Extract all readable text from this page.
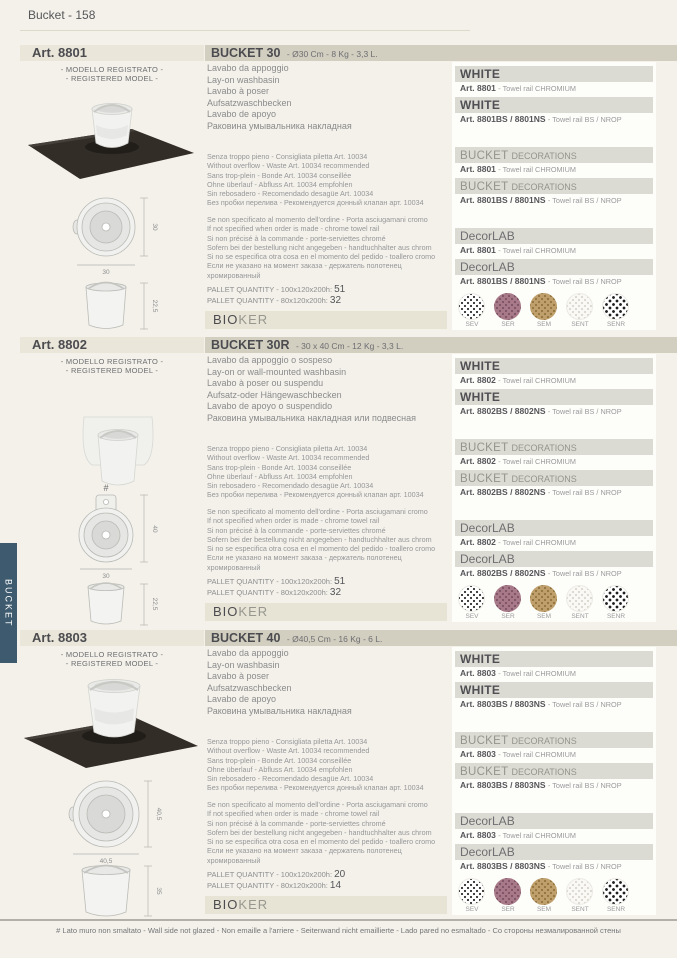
Bucket - 158
BUCKET
Art. 8801	BUCKET 30 - Ø30 Cm - 8 Kg - 3,3 L.
- MODELLO REGISTRATO -
- REGISTERED MODEL -
30
30
22,5
Lavabo da appoggio
Lay-on washbasin
Lavabo à poser
Aufsatzwaschbecken
Lavabo de apoyo
Раковина умывальника накладная
Senza troppo pieno - Consigliata piletta Art. 10034
Without overflow - Waste Art. 10034 recommended
Sans trop-plein - Bonde Art. 10034 conseillée
Ohne überlauf - Abfluss Art. 10034 empfohlen
Sin rebosadero - Recomendado desagüe Art. 10034
Без пробки перелива - Рекомендуется донный клапан арт. 10034
Se non specificato al momento dell'ordine - Porta asciugamani cromo
If not specified when order is made - chrome towel rail
Si non précisé à la commande - porte-serviettes chromé
Sofern bei der bestellung nicht angegeben - handtuchhalter aus chrom
Si no se especifica otra cosa en el momento del pedido - toallero cromo
Если не указано на момент заказа - держатель полотенец хромированный
PALLET QUANTITY - 100x120x200h: 51
PALLET QUANTITY - 80x120x200h: 32
BIOKER
WHITE
Art. 8801 - Towel rail CHROMIUM
WHITE
Art. 8801BS / 8801NS - Towel rail BS / NROP
BUCKET DECORATIONS
Art. 8801 - Towel rail CHROMIUM
BUCKET DECORATIONS
Art. 8801BS / 8801NS - Towel rail BS / NROP
DecorLAB
Art. 8801 - Towel rail CHROMIUM
DecorLAB
Art. 8801BS / 8801NS - Towel rail BS / NROP
SEV	SER	SEM	SENT	SENR
Art. 8802	BUCKET 30R - 30 x 40 Cm - 12 Kg - 3,3 L.
- MODELLO REGISTRATO -
- REGISTERED MODEL -
#
40
30
22,5
Lavabo da appoggio o sospeso
Lay-on or wall-mounted washbasin
Lavabo à poser ou suspendu
Aufsatz-oder Hängewaschbecken
Lavabo de apoyo o suspendido
Раковина умывальника накладная или подвесная
Senza troppo pieno - Consigliata piletta Art. 10034
Without overflow - Waste Art. 10034 recommended
Sans trop-plein - Bonde Art. 10034 conseillée
Ohne überlauf - Abfluss Art. 10034 empfohlen
Sin rebosadero - Recomendado desagüe Art. 10034
Без пробки перелива - Рекомендуется донный клапан арт. 10034
Se non specificato al momento dell'ordine - Porta asciugamani cromo
If not specified when order is made - chrome towel rail
Si non précisé à la commande - porte-serviettes chromé
Sofern bei der bestellung nicht angegeben - handtuchhalter aus chrom
Si no se especifica otra cosa en el momento del pedido - toallero cromo
Если не указано на момент заказа - держатель полотенец хромированный
PALLET QUANTITY - 100x120x200h: 51
PALLET QUANTITY - 80x120x200h: 32
BIOKER
WHITE
Art. 8802 - Towel rail CHROMIUM
WHITE
Art. 8802BS / 8802NS - Towel rail BS / NROP
BUCKET DECORATIONS
Art. 8802 - Towel rail CHROMIUM
BUCKET DECORATIONS
Art. 8802BS / 8802NS - Towel rail BS / NROP
DecorLAB
Art. 8802 - Towel rail CHROMIUM
DecorLAB
Art. 8802BS / 8802NS - Towel rail BS / NROP
SEV	SER	SEM	SENT	SENR
Art. 8803	BUCKET 40 - Ø40,5 Cm - 16 Kg - 6 L.
- MODELLO REGISTRATO -
- REGISTERED MODEL -
40,5
40,5
35
Lavabo da appoggio
Lay-on washbasin
Lavabo à poser
Aufsatzwaschbecken
Lavabo de apoyo
Раковина умывальника накладная
Senza troppo pieno - Consigliata piletta Art. 10034
Without overflow - Waste Art. 10034 recommended
Sans trop-plein - Bonde Art. 10034 conseillée
Ohne überlauf - Abfluss Art. 10034 empfohlen
Sin rebosadero - Recomendado desagüe Art. 10034
Без пробки перелива - Рекомендуется донный клапан арт. 10034
Se non specificato al momento dell'ordine - Porta asciugamani cromo
If not specified when order is made - chrome towel rail
Si non précisé à la commande - porte-serviettes chromé
Sofern bei der bestellung nicht angegeben - handtuchhalter aus chrom
Si no se especifica otra cosa en el momento del pedido - toallero cromo
Если не указано на момент заказа - держатель полотенец хромированный
PALLET QUANTITY - 100x120x200h: 20
PALLET QUANTITY - 80x120x200h: 14
BIOKER
WHITE
Art. 8803 - Towel rail CHROMIUM
WHITE
Art. 8803BS / 8803NS - Towel rail BS / NROP
BUCKET DECORATIONS
Art. 8803 - Towel rail CHROMIUM
BUCKET DECORATIONS
Art. 8803BS / 8803NS - Towel rail BS / NROP
DecorLAB
Art. 8803 - Towel rail CHROMIUM
DecorLAB
Art. 8803BS / 8803NS - Towel rail BS / NROP
SEV	SER	SEM	SENT	SENR
# Lato muro non smaltato - Wall side not glazed - Non emaille a l'arriere - Seitenwand nicht emaillierte - Lado pared no esmaltado - Со стороны незмалированной стены
